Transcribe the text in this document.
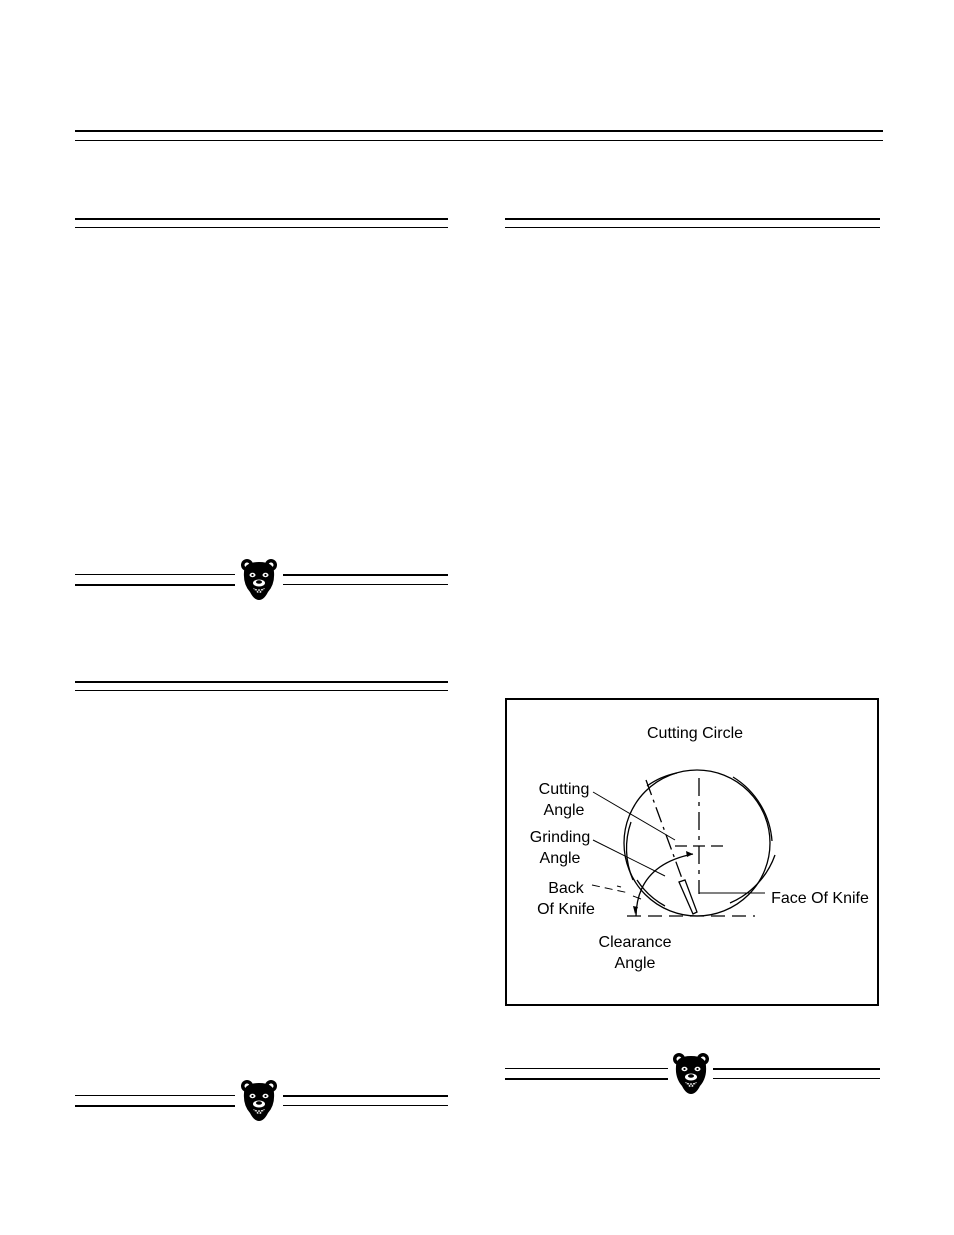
Cutting Circle
Cutting
Angle
Grinding
Angle
Back
Of Knife
Face Of Knife
Clearance
Angle
